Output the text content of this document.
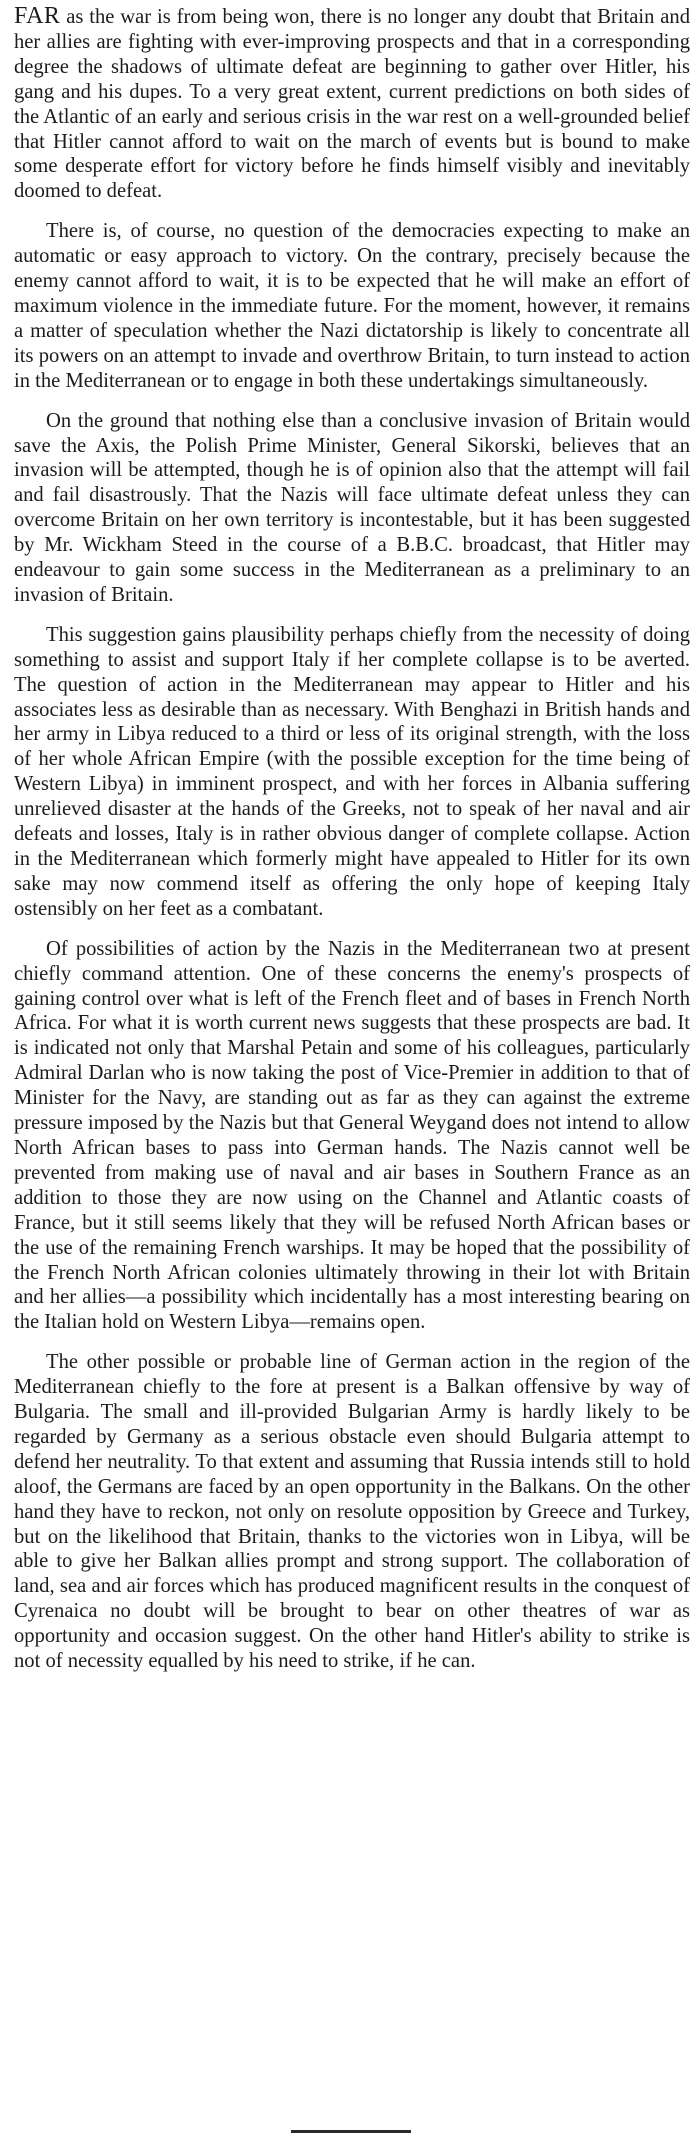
FAR as the war is from being won, there is no longer any doubt that Britain and her allies are fighting with ever-improving prospects and that in a corresponding degree the shadows of ultimate defeat are beginning to gather over Hitler, his gang and his dupes. To a very great extent, current predictions on both sides of the Atlantic of an early and serious crisis in the war rest on a well-grounded belief that Hitler cannot afford to wait on the march of events but is bound to make some desperate effort for victory before he finds himself visibly and inevitably doomed to defeat.

There is, of course, no question of the democracies expecting to make an automatic or easy approach to victory. On the contrary, precisely because the enemy cannot afford to wait, it is to be expected that he will make an effort of maximum violence in the immediate future. For the moment, however, it remains a matter of speculation whether the Nazi dictatorship is likely to concentrate all its powers on an attempt to invade and overthrow Britain, to turn instead to action in the Mediterranean or to engage in both these undertakings simultaneously.

On the ground that nothing else than a conclusive invasion of Britain would save the Axis, the Polish Prime Minister, General Sikorski, believes that an invasion will be attempted, though he is of opinion also that the attempt will fail and fail disastrously. That the Nazis will face ultimate defeat unless they can overcome Britain on her own territory is incontestable, but it has been suggested by Mr. Wickham Steed in the course of a B.B.C. broadcast, that Hitler may endeavour to gain some success in the Mediterranean as a preliminary to an invasion of Britain.

This suggestion gains plausibility perhaps chiefly from the necessity of doing something to assist and support Italy if her complete collapse is to be averted. The question of action in the Mediterranean may appear to Hitler and his associates less as desirable than as necessary. With Benghazi in British hands and her army in Libya reduced to a third or less of its original strength, with the loss of her whole African Empire (with the possible exception for the time being of Western Libya) in imminent prospect, and with her forces in Albania suffering unrelieved disaster at the hands of the Greeks, not to speak of her naval and air defeats and losses, Italy is in rather obvious danger of complete collapse. Action in the Mediterranean which formerly might have appealed to Hitler for its own sake may now commend itself as offering the only hope of keeping Italy ostensibly on her feet as a combatant.

Of possibilities of action by the Nazis in the Mediterranean two at present chiefly command attention. One of these concerns the enemy's prospects of gaining control over what is left of the French fleet and of bases in French North Africa. For what it is worth current news suggests that these prospects are bad. It is indicated not only that Marshal Petain and some of his colleagues, particularly Admiral Darlan who is now taking the post of Vice-Premier in addition to that of Minister for the Navy, are standing out as far as they can against the extreme pressure imposed by the Nazis but that General Weygand does not intend to allow North African bases to pass into German hands. The Nazis cannot well be prevented from making use of naval and air bases in Southern France as an addition to those they are now using on the Channel and Atlantic coasts of France, but it still seems likely that they will be refused North African bases or the use of the remaining French warships. It may be hoped that the possibility of the French North African colonies ultimately throwing in their lot with Britain and her allies—a possibility which incidentally has a most interesting bearing on the Italian hold on Western Libya—remains open.

The other possible or probable line of German action in the region of the Mediterranean chiefly to the fore at present is a Balkan offensive by way of Bulgaria. The small and ill-provided Bulgarian Army is hardly likely to be regarded by Germany as a serious obstacle even should Bulgaria attempt to defend her neutrality. To that extent and assuming that Russia intends still to hold aloof, the Germans are faced by an open opportunity in the Balkans. On the other hand they have to reckon, not only on resolute opposition by Greece and Turkey, but on the likelihood that Britain, thanks to the victories won in Libya, will be able to give her Balkan allies prompt and strong support. The collaboration of land, sea and air forces which has produced magnificent results in the conquest of Cyrenaica no doubt will be brought to bear on other theatres of war as opportunity and occasion suggest. On the other hand Hitler's ability to strike is not of necessity equalled by his need to strike, if he can.
